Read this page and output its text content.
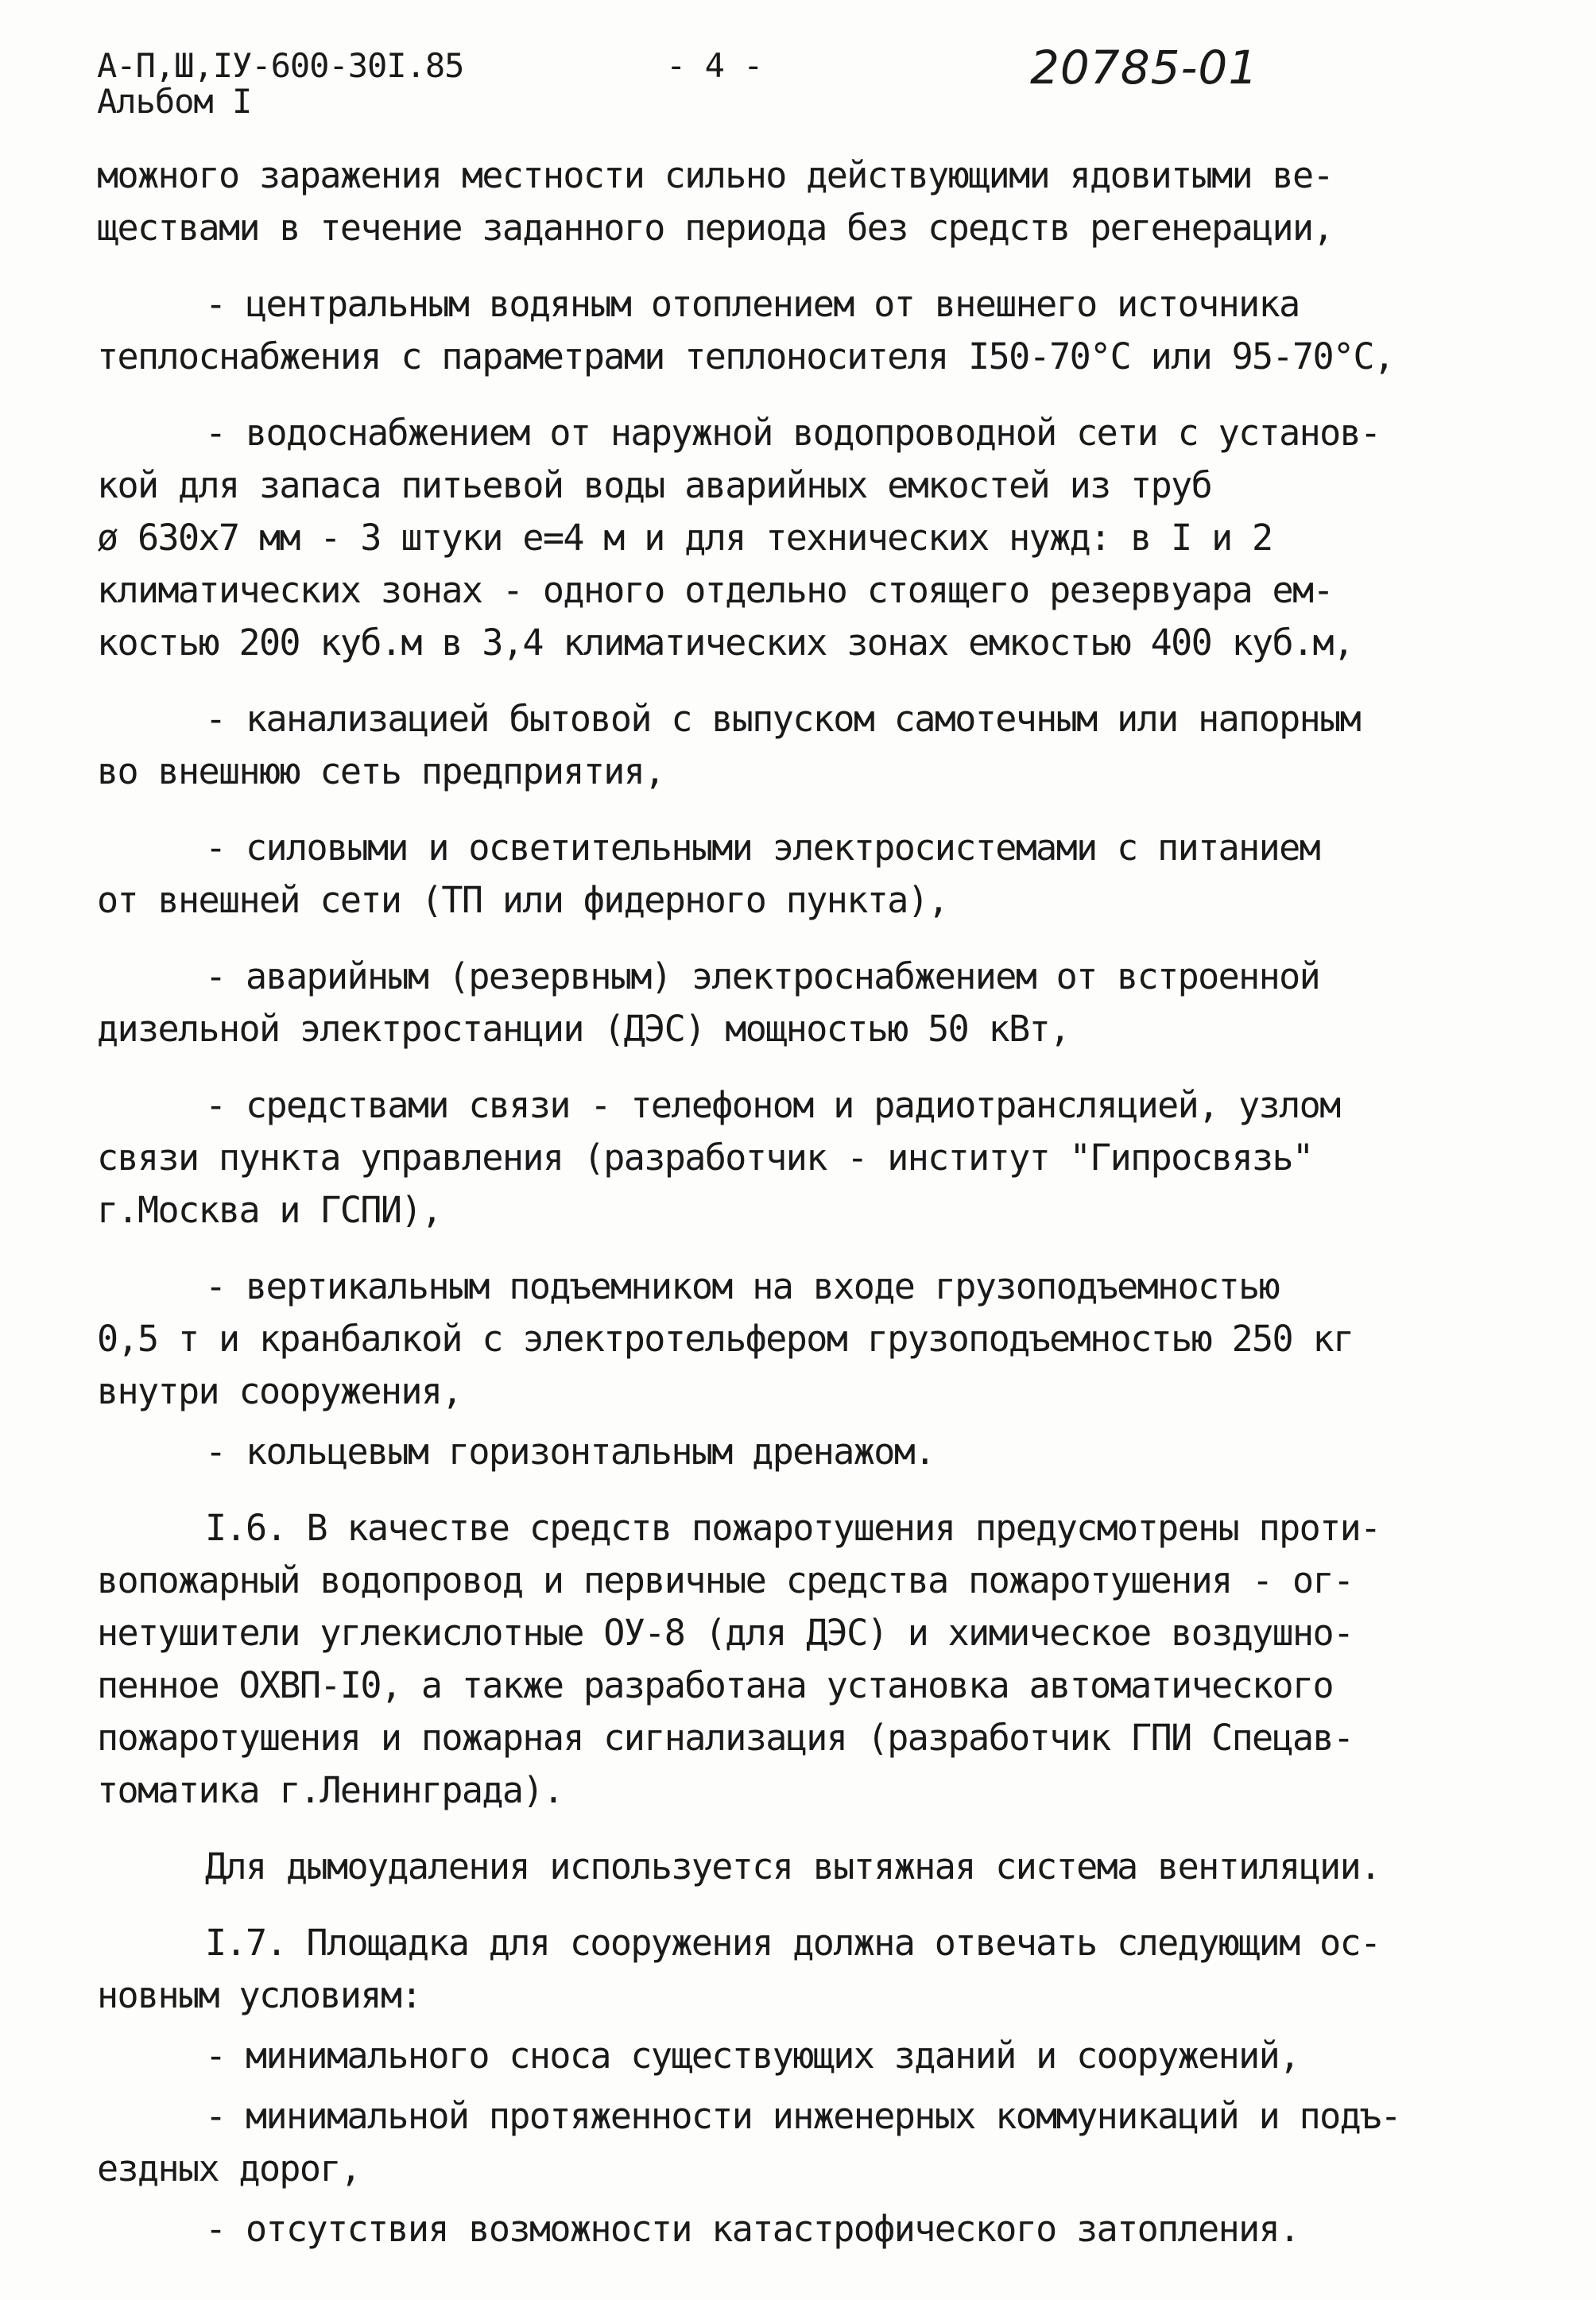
А-П,Ш,ІУ-600-30І.85
Альбом І
- 4 -	20785-01
можного заражения местности сильно действующими ядовитыми ве-
ществами в течение заданного периода без средств регенерации,
- центральным водяным отоплением от внешнего источника
теплоснабжения с параметрами теплоносителя І50-70°С или 95-70°С,
- водоснабжением от наружной водопроводной сети с установ-
кой для запаса питьевой воды аварийных емкостей из труб
ø 630х7 мм - 3 штуки е=4 м и для технических нужд: в І и 2
климатических зонах - одного отдельно стоящего резервуара ем-
костью 200 куб.м в 3,4 климатических зонах емкостью 400 куб.м,
- канализацией бытовой с выпуском самотечным или напорным
во внешнюю сеть предприятия,
- силовыми и осветительными электросистемами с питанием
от внешней сети (ТП или фидерного пункта),
- аварийным (резервным) электроснабжением от встроенной
дизельной электростанции (ДЭС) мощностью 50 кВт,
- средствами связи - телефоном и радиотрансляцией, узлом
связи пункта управления (разработчик - институт "Гипросвязь"
г.Москва и ГСПИ),
- вертикальным подъемником на входе грузоподъемностью
0,5 т и кранбалкой с электротельфером грузоподъемностью 250 кг
внутри сооружения,
- кольцевым горизонтальным дренажом.
І.6. В качестве средств пожаротушения предусмотрены проти-
вопожарный водопровод и первичные средства пожаротушения - ог-
нетушители углекислотные ОУ-8 (для ДЭС) и химическое воздушно-
пенное ОХВП-І0, а также разработана установка автоматического
пожаротушения и пожарная сигнализация (разработчик ГПИ Спецав-
томатика г.Ленинграда).
Для дымоудаления используется вытяжная система вентиляции.
І.7. Площадка для сооружения должна отвечать следующим ос-
новным условиям:
- минимального сноса существующих зданий и сооружений,
- минимальной протяженности инженерных коммуникаций и подъ-
ездных дорог,
- отсутствия возможности катастрофического затопления.
